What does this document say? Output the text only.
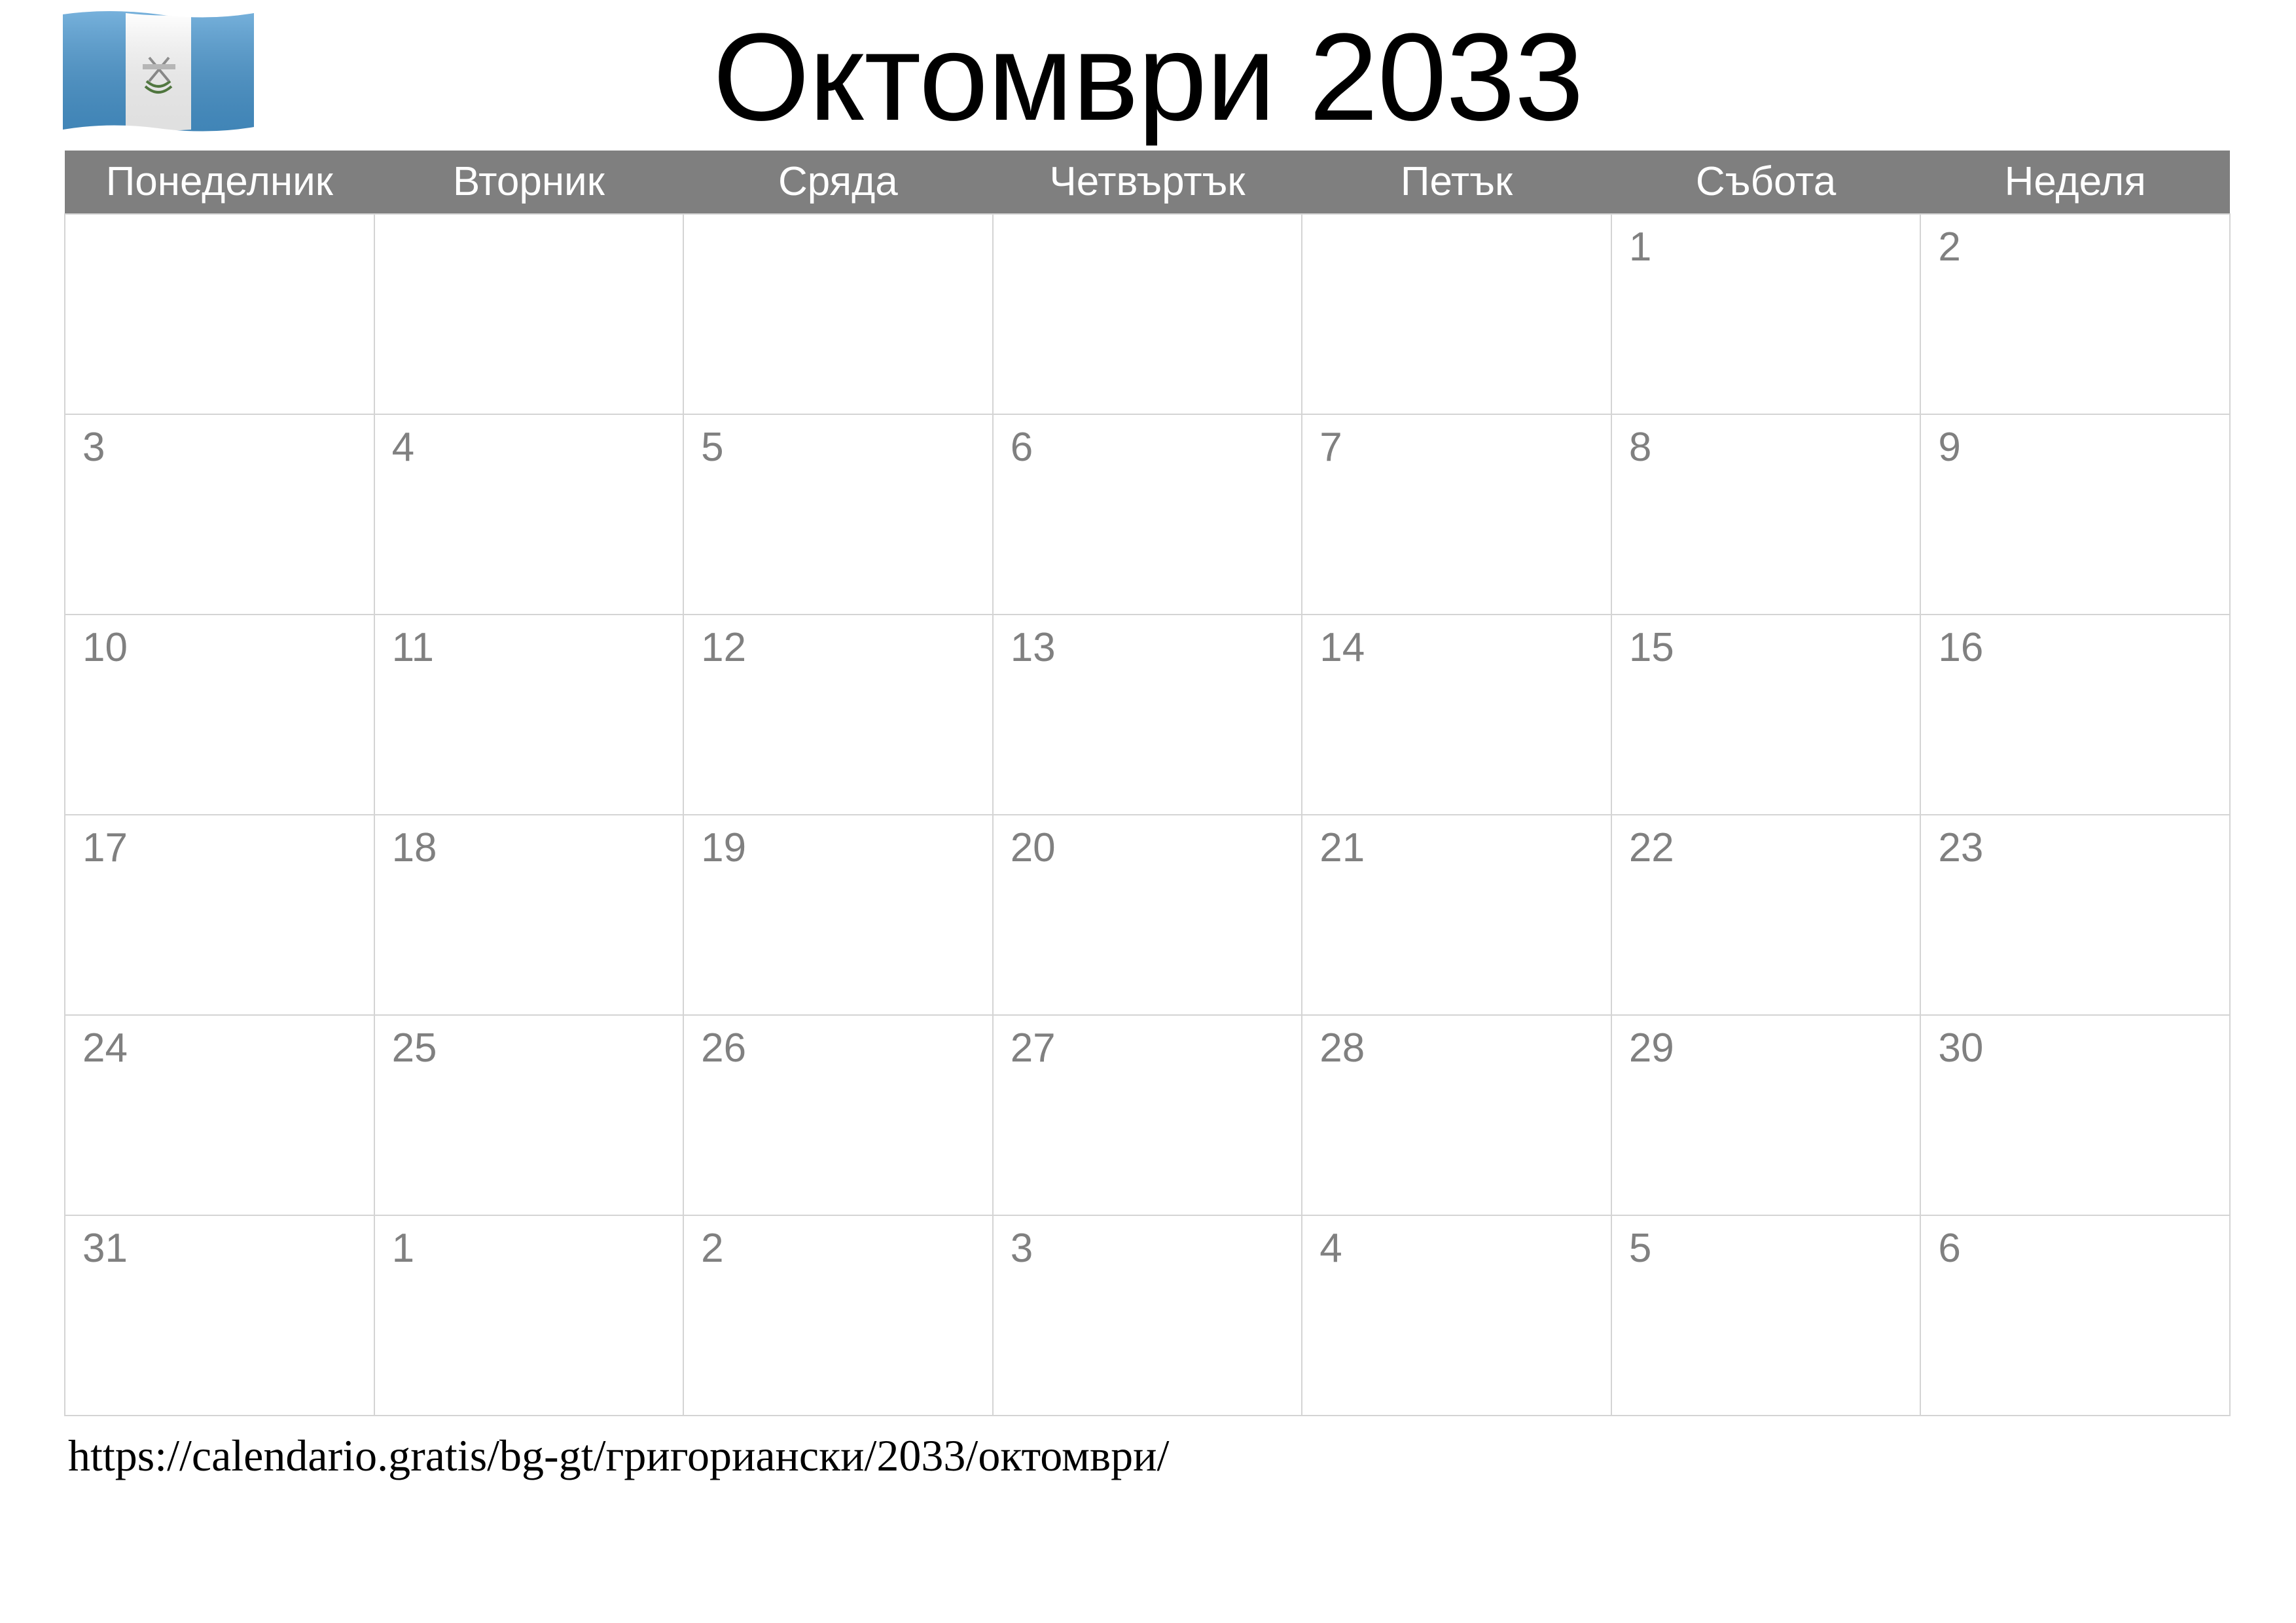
Октомври 2033
Понеделник	Вторник	Сряда	Четвъртък	Петък	Събота	Неделя
					1	2
3	4	5	6	7	8	9
10	11	12	13	14	15	16
17	18	19	20	21	22	23
24	25	26	27	28	29	30
31	1	2	3	4	5	6
https://calendario.gratis/bg-gt/григориански/2033/октомври/
